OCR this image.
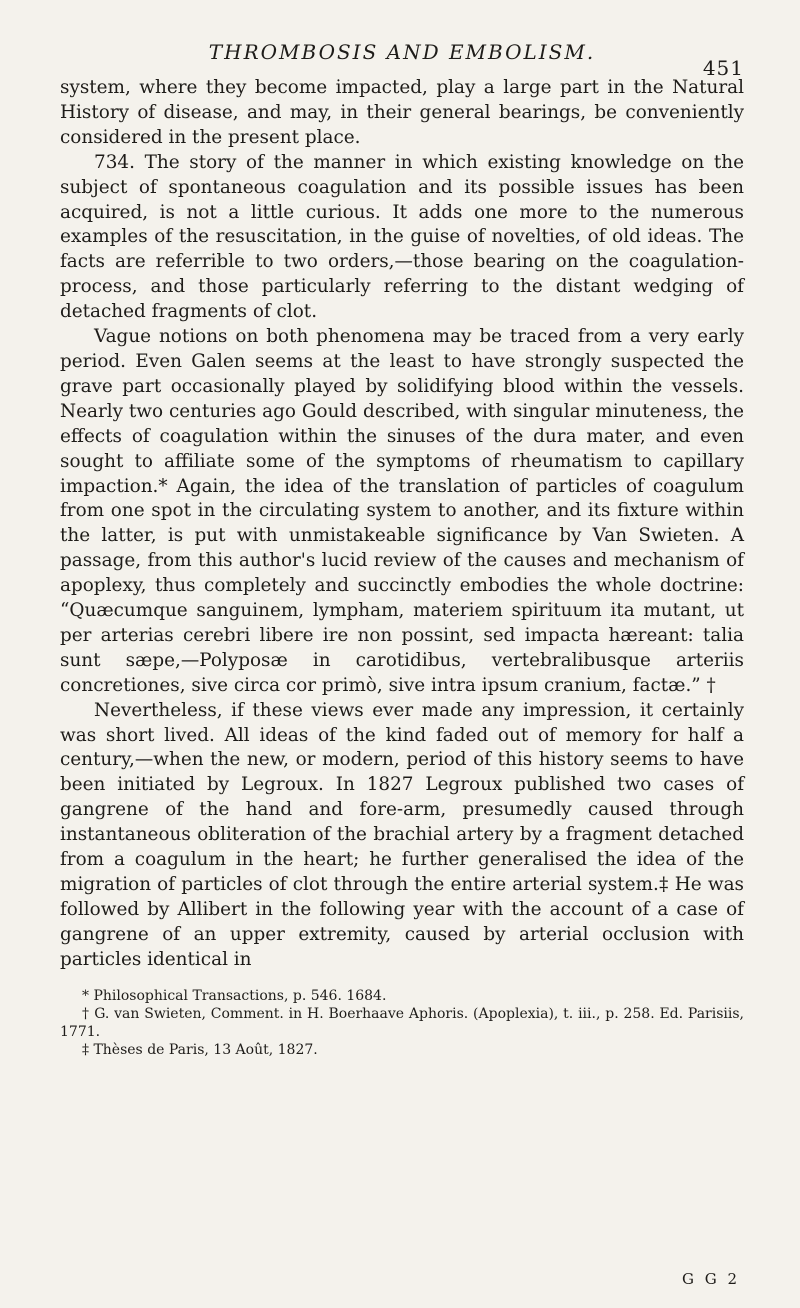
THROMBOSIS AND EMBOLISM.
451

system, where they become impacted, play a large part in the Natural History of disease, and may, in their general bearings, be conveniently considered in the present place.

734. The story of the manner in which existing knowledge on the subject of spontaneous coagulation and its possible issues has been acquired, is not a little curious. It adds one more to the numerous examples of the resuscitation, in the guise of novelties, of old ideas. The facts are referrible to two orders,—those bearing on the coagulation-process, and those particularly referring to the distant wedging of detached fragments of clot.

Vague notions on both phenomena may be traced from a very early period. Even Galen seems at the least to have strongly suspected the grave part occasionally played by solidifying blood within the vessels. Nearly two centuries ago Gould described, with singular minuteness, the effects of coagulation within the sinuses of the dura mater, and even sought to affiliate some of the symptoms of rheumatism to capillary impaction.* Again, the idea of the translation of particles of coagulum from one spot in the circulating system to another, and its fixture within the latter, is put with unmistakeable significance by Van Swieten. A passage, from this author's lucid review of the causes and mechanism of apoplexy, thus completely and succinctly embodies the whole doctrine: “Quæcumque sanguinem, lympham, materiem spirituum ita mutant, ut per arterias cerebri libere ire non possint, sed impacta hæreant: talia sunt sæpe,—Polyposæ in carotidibus, vertebralibusque arteriis concretiones, sive circa cor primò, sive intra ipsum cranium, factæ.” †

Nevertheless, if these views ever made any impression, it certainly was short lived. All ideas of the kind faded out of memory for half a century,—when the new, or modern, period of this history seems to have been initiated by Legroux. In 1827 Legroux published two cases of gangrene of the hand and fore-arm, presumedly caused through instantaneous obliteration of the brachial artery by a fragment detached from a coagulum in the heart; he further generalised the idea of the migration of particles of clot through the entire arterial system.‡ He was followed by Allibert in the following year with the account of a case of gangrene of an upper extremity, caused by arterial occlusion with particles identical in

* Philosophical Transactions, p. 546. 1684.

† G. van Swieten, Comment. in H. Boerhaave Aphoris. (Apoplexia), t. iii., p. 258. Ed. Parisiis, 1771.

‡ Thèses de Paris, 13 Août, 1827.

G G 2
